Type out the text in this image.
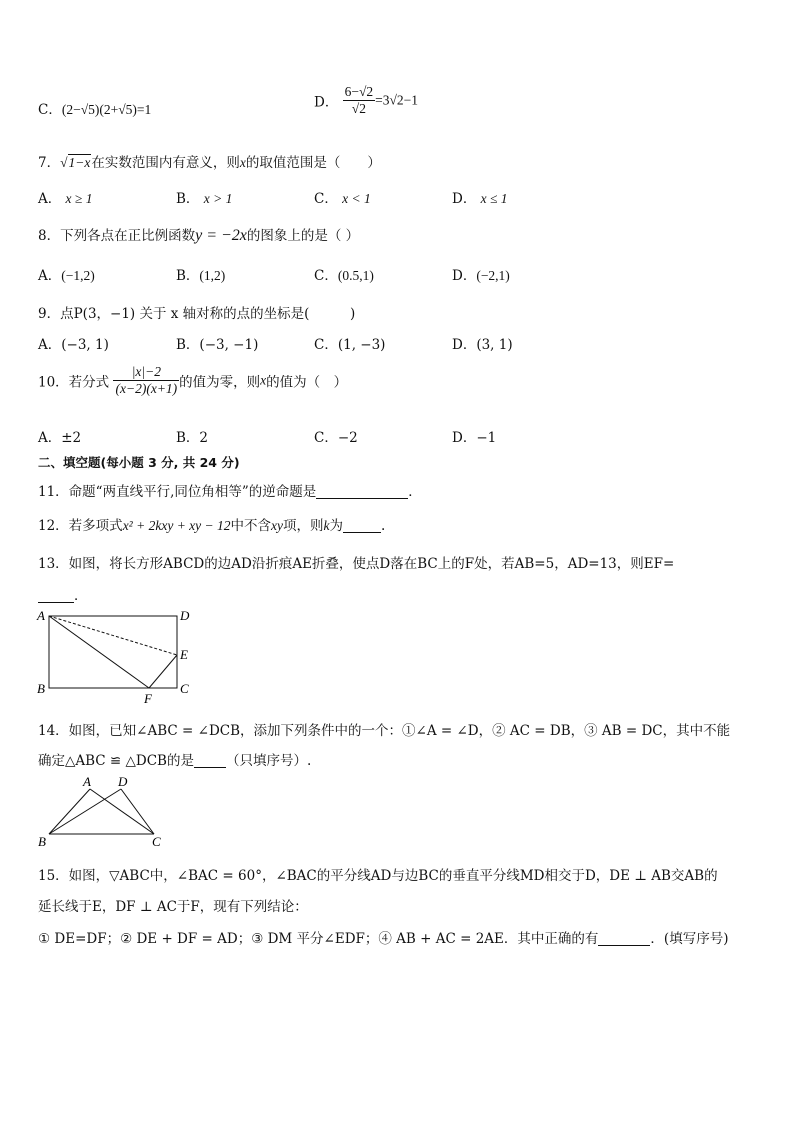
C．(2−√5)(2+√5)=1	D． $\frac{6-√2}{√2} =3√2-1$
7．√1−x在实数范围内有意义，则x的取值范围是（　　）
A． x ≥ 1	B． x > 1	C． x < 1	D． x ≤ 1
8．下列各点在正比例函数y = −2x的图象上的是（ ）
A．(−1,2)	B．(1,2)	C．(0.5,1)	D．(−2,1)
9．点P(3，−1) 关于 x 轴对称的点的坐标是(　　　)
A．(−3, 1)	B．(−3, −1)	C．(1, −3)	D．(3, 1)
10．若分式 $\frac{|x|-2}{(x-2)(x+1)}$ 的值为零，则x的值为（　）
A．±2	B．2	C．−2	D．−1
二、填空题(每小题 3 分, 共 24 分)
11．命题“两直线平行,同位角相等”的逆命题是	．
12．若多项式x² + 2kxy + xy − 12中不含xy项，则k为	.
13．如图，将长方形ABCD的边AD沿折痕AE折叠，使点D落在BC上的F处，若AB=5，AD=13，则EF=
．
A	D
E
B	C
F
14．如图，已知∠ABC = ∠DCB，添加下列条件中的一个：①∠A = ∠D，② AC = DB，③ AB = DC，其中不能
确定△ABC ≌ △DCB的是 （只填序号）.
A D
B	C
15．如图，▽ABC中，∠BAC = 60°，∠BAC的平分线AD与边BC的垂直平分线MD相交于D，DE ⊥ AB交AB的
延长线于E，DF ⊥ AC于F，现有下列结论：
① DE=DF；② DE + DF = AD；③ DM 平分∠EDF；④ AB + AC = 2AE．其中正确的有	．(填写序号)
